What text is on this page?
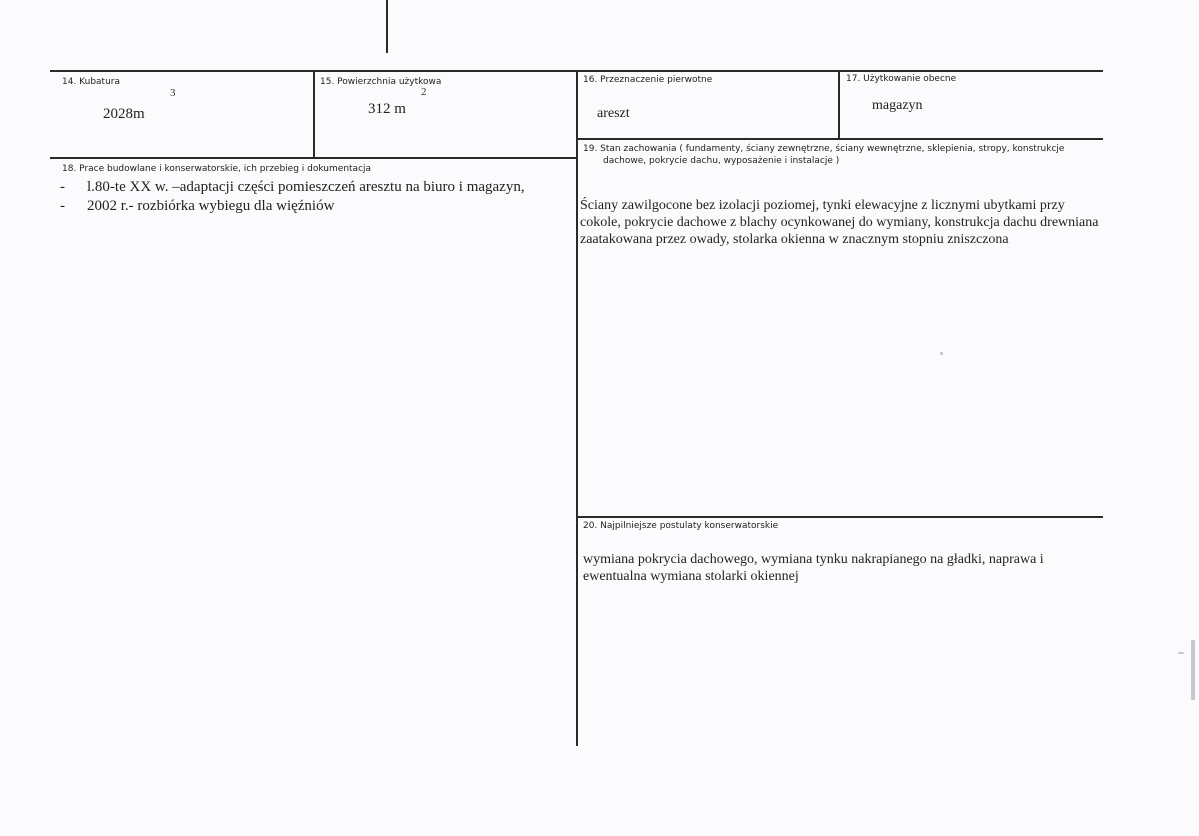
14. Kubatura
3
2028m
15. Powierzchnia użytkowa
2
312 m
16. Przeznaczenie pierwotne
areszt
17. Użytkowanie obecne
magazyn
18. Prace budowlane i konserwatorskie, ich przebieg i dokumentacja
- l.80-te XX w. –adaptacji części pomieszczeń aresztu na biuro i magazyn,
- 2002 r.- rozbiórka wybiegu dla więźniów
19. Stan zachowania ( fundamenty, ściany zewnętrzne, ściany wewnętrzne, sklepienia, stropy, konstrukcje
dachowe, pokrycie dachu, wyposażenie i instalacje )
Ściany zawilgocone bez izolacji poziomej, tynki elewacyjne z licznymi ubytkami przy cokole, pokrycie dachowe z blachy ocynkowanej do wymiany, konstrukcja dachu drewniana zaatakowana przez owady, stolarka okienna w znacznym stopniu zniszczona
20. Najpilniejsze postulaty konserwatorskie
wymiana pokrycia dachowego, wymiana tynku nakrapianego na gładki, naprawa i ewentualna wymiana stolarki okiennej
